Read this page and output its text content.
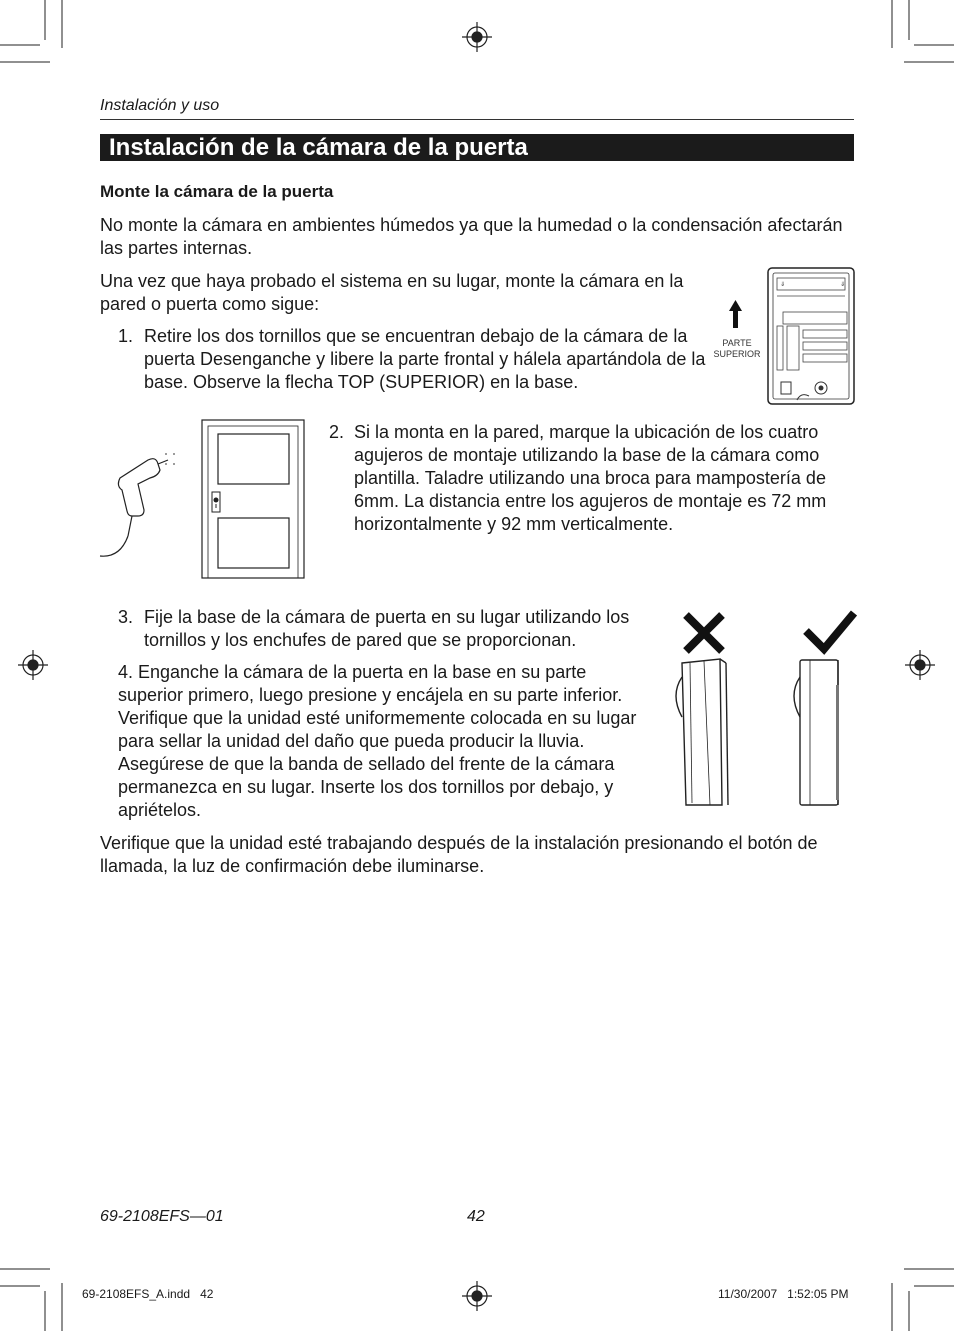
Instalación y uso
Instalación de la cámara de la puerta
Monte la cámara de la puerta
No monte la cámara en ambientes húmedos ya que la humedad o la condensación afectarán las partes internas.
Una vez que haya probado el sistema en su lugar, monte la cámara en la pared o puerta como sigue:
1. Retire los dos tornillos que se encuentran debajo de la cámara de la puerta Desenganche y libere la parte frontal y hálela apartándola de la base. Observe la flecha TOP (SUPERIOR) en la base.
2. Si la monta en la pared, marque la ubicación de los cuatro agujeros de montaje utilizando la base de la cámara como plantilla. Taladre utilizando una broca para mampostería de 6mm. La distancia entre los agujeros de montaje es 72 mm horizontalmente y 92 mm verticalmente.
3. Fije la base de la cámara de puerta en su lugar utilizando los tornillos y los enchufes de pared que se proporcionan.
4. Enganche la cámara de la puerta en la base en su parte superior primero, luego presione y encájela en su parte inferior. Verifique que la unidad esté uniformemente colocada en su lugar para sellar la unidad del daño que pueda producir la lluvia. Asegúrese de que la banda de sellado del frente de la cámara permanezca en su lugar. Inserte los dos tornillos por debajo, y apriételos.
Verifique que la unidad esté trabajando después de la instalación presionando el botón de llamada, la luz de confirmación debe iluminarse.
⇓	⇓
PARTE
SUPERIOR
69-2108EFS—01	42
69-2108EFS_A.indd   42	11/30/2007   1:52:05 PM
